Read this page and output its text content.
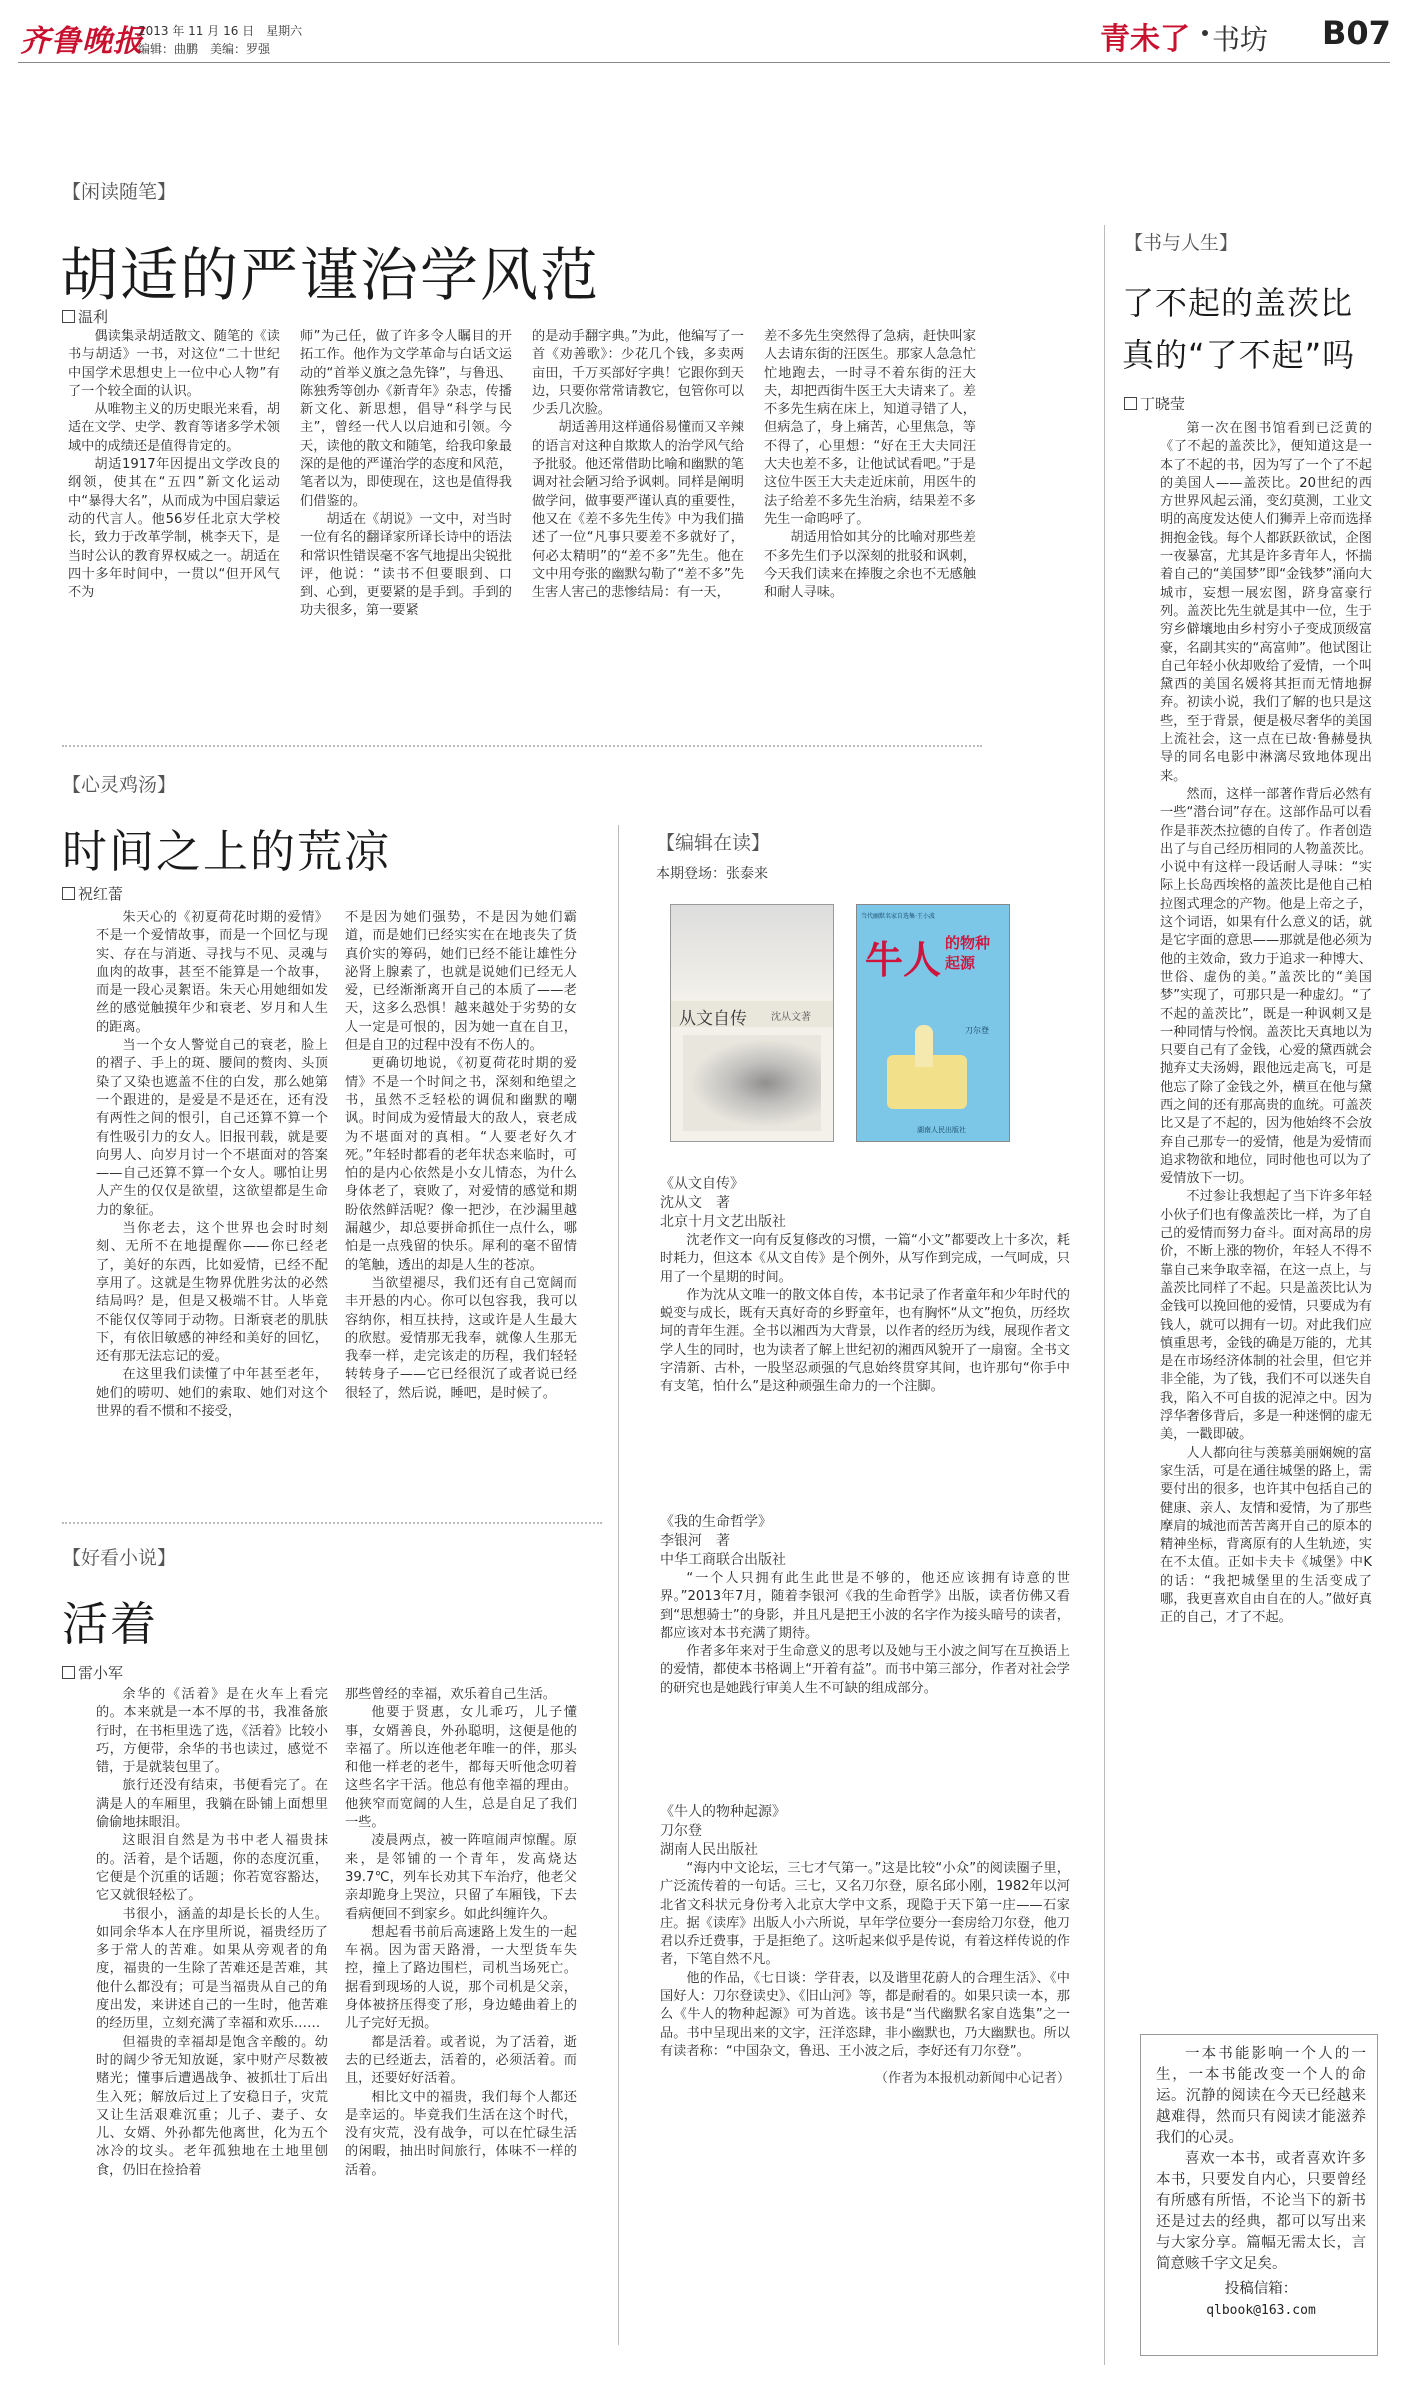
齐鲁晚报
2013 年 11 月 16 日　星期六
编辑：曲鹏　美编：罗强	青未了 书坊 B07
【闲读随笔】
胡适的严谨治学风范
温利

偶读集录胡适散文、随笔的《读书与胡适》一书，对这位“二十世纪中国学术思想史上一位中心人物”有了一个较全面的认识。

从唯物主义的历史眼光来看，胡适在文学、史学、教育等诸多学术领域中的成绩还是值得肯定的。

胡适1917年因提出文学改良的纲领，使其在“五四”新文化运动中“暴得大名”，从而成为中国启蒙运动的代言人。他56岁任北京大学校长，致力于改革学制，桃李天下，是当时公认的教育界权威之一。胡适在四十多年时间中，一贯以“但开风气不为

师”为己任，做了许多令人瞩目的开拓工作。他作为文学革命与白话文运动的“首举义旗之急先锋”，与鲁迅、陈独秀等创办《新青年》杂志，传播新文化、新思想，倡导“科学与民主”，曾经一代人以启迪和引领。今天，读他的散文和随笔，给我印象最深的是他的严谨治学的态度和风范，笔者以为，即使现在，这也是值得我们借鉴的。

胡适在《胡说》一文中，对当时一位有名的翻译家所译长诗中的语法和常识性错误毫不客气地提出尖锐批评，他说：“读书不但要眼到、口到、心到，更要紧的是手到。手到的功夫很多，第一要紧

的是动手翻字典。”为此，他编写了一首《劝善歌》：少花几个钱，多卖两亩田，千万买部好字典！它跟你到天边，只要你常常请教它，包管你可以少丢几次脸。

胡适善用这样通俗易懂而又辛辣的语言对这种自欺欺人的治学风气给予批驳。他还常借助比喻和幽默的笔调对社会陋习给予讽刺。同样是阐明做学问，做事要严谨认真的重要性，他又在《差不多先生传》中为我们描述了一位“凡事只要差不多就好了，何必太精明”的“差不多”先生。他在文中用夸张的幽默勾勒了“差不多”先生害人害己的悲惨结局：有一天，

差不多先生突然得了急病，赶快叫家人去请东街的汪医生。那家人急急忙忙地跑去，一时寻不着东街的汪大夫，却把西街牛医王大夫请来了。差不多先生病在床上，知道寻错了人，但病急了，身上痛苦，心里焦急，等不得了，心里想：“好在王大夫同汪大夫也差不多，让他试试看吧。”于是这位牛医王大夫走近床前，用医牛的法子给差不多先生治病，结果差不多先生一命呜呼了。

胡适用恰如其分的比喻对那些差不多先生们予以深刻的批驳和讽刺，今天我们读来在捧腹之余也不无感触和耐人寻味。

【心灵鸡汤】
时间之上的荒凉
祝红蕾

朱天心的《初夏荷花时期的爱情》不是一个爱情故事，而是一个回忆与现实、存在与消逝、寻找与不见、灵魂与血肉的故事，甚至不能算是一个故事，而是一段心灵絮语。朱天心用她细如发丝的感觉触摸年少和衰老、岁月和人生的距离。

当一个女人警觉自己的衰老，脸上的褶子、手上的斑、腰间的赘肉、头顶染了又染也遮盖不住的白发，那么她第一个跟进的，是爱是不是还在，还有没有两性之间的恨引，自己还算不算一个有性吸引力的女人。旧报刊载，就是要向男人、向岁月讨一个不堪面对的答案——自己还算不算一个女人。哪怕让男人产生的仅仅是欲望，这欲望都是生命力的象征。

当你老去，这个世界也会时时刻刻、无所不在地提醒你——你已经老了，美好的东西，比如爱情，已经不配享用了。这就是生物界优胜劣汰的必然结局吗？是，但是又极端不甘。人毕竟不能仅仅等同于动物。日渐衰老的肌肤下，有依旧敏感的神经和美好的回忆，还有那无法忘记的爱。

在这里我们读懂了中年甚至老年，她们的唠叨、她们的索取、她们对这个世界的看不惯和不接受，

不是因为她们强势，不是因为她们霸道，而是她们已经实实在在地丧失了货真价实的筹码，她们已经不能让雄性分泌肾上腺素了，也就是说她们已经无人爱，已经渐渐离开自己的本质了——老天，这多么恐惧！越来越处于劣势的女人一定是可恨的，因为她一直在自卫，但是自卫的过程中没有不伤人的。

更确切地说，《初夏荷花时期的爱情》不是一个时间之书，深刻和绝望之书，虽然不乏轻松的调侃和幽默的嘲讽。时间成为爱情最大的敌人，衰老成为不堪面对的真相。“人要老好久才死。”年轻时都看的老年状态来临时，可怕的是内心依然是小女儿情态，为什么身体老了，衰败了，对爱情的感觉和期盼依然鲜活呢？像一把沙，在沙漏里越漏越少，却总要拼命抓住一点什么，哪怕是一点残留的快乐。犀利的毫不留情的笔触，透出的却是人生的苍凉。

当欲望褪尽，我们还有自己宽阔而丰开悬的内心。你可以包容我，我可以容纳你，相互扶持，这或许是人生最大的欣慰。爱情那无我奉，就像人生那无我奉一样，走完该走的历程，我们轻轻转转身子——它已经很沉了或者说已经很轻了，然后说，睡吧，是时候了。

【好看小说】
活着
雷小军

余华的《活着》是在火车上看完的。本来就是一本不厚的书，我准备旅行时，在书柜里选了选，《活着》比较小巧，方便带，余华的书也读过，感觉不错，于是就装包里了。

旅行还没有结束，书便看完了。在满是人的车厢里，我躺在卧铺上面想里偷偷地抹眼泪。

这眼泪自然是为书中老人福贵抹的。活着，是个话题，你的态度沉重，它便是个沉重的话题；你若宽容豁达，它又就很轻松了。

书很小，涵盖的却是长长的人生。如同余华本人在序里所说，福贵经历了多于常人的苦难。如果从旁观者的角度，福贵的一生除了苦难还是苦难，其他什么都没有；可是当福贵从自己的角度出发，来讲述自己的一生时，他苦难的经历里，立刻充满了幸福和欢乐……

但福贵的幸福却是饱含辛酸的。幼时的阔少爷无知放诞，家中财产尽数被赌光；懂事后遭遇战争、被抓壮丁后出生入死；解放后过上了安稳日子，灾荒又让生活艰难沉重；儿子、妻子、女儿、女婿、外孙都先他离世，化为五个冰冷的坟头。老年孤独地在土地里刨食，仍旧在捡拾着

那些曾经的幸福，欢乐着自己生活。

他要于贤惠，女儿乖巧，儿子懂事，女婿善良，外孙聪明，这便是他的幸福了。所以连他老年唯一的伴，那头和他一样老的老牛，都每天听他念叨着这些名字干活。他总有他幸福的理由。他狭窄而宽阔的人生，总是自足了我们一些。

凌晨两点，被一阵喧闹声惊醒。原来，是邻铺的一个青年，发高烧达39.7℃，列车长劝其下车治疗，他老父亲却跪身上哭泣，只留了车厢钱，下去看病便回不到家乡。如此纠缠许久。

想起看书前后高速路上发生的一起车祸。因为雷天路滑，一大型货车失控，撞上了路边围栏，司机当场死亡。据看到现场的人说，那个司机是父亲，身体被挤压得变了形，身边蜷曲着上的儿子完好无损。

都是活着。或者说，为了活着，逝去的已经逝去，活着的，必须活着。而且，还要好好活着。

相比文中的福贵，我们每个人都还是幸运的。毕竟我们生活在这个时代，没有灾荒，没有战争，可以在忙碌生活的闲暇，抽出时间旅行，体味不一样的活着。

【编辑在读】
本期登场：张泰来
从文自传 沈从文著
当代幽默名家自选集·王小波
牛人 的物种起源
刀尔登
湖南人民出版社
《从文自传》
沈从文　著
北京十月文艺出版社

沈老作文一向有反复修改的习惯，一篇“小文”都要改上十多次，耗时耗力，但这本《从文自传》是个例外，从写作到完成，一气呵成，只用了一个星期的时间。

作为沈从文唯一的散文体自传，本书记录了作者童年和少年时代的蜕变与成长，既有天真好奇的乡野童年，也有胸怀“从文”抱负，历经坎坷的青年生涯。全书以湘西为大背景，以作者的经历为线，展现作者文学人生的同时，也为读者了解上世纪初的湘西风貌开了一扇窗。全书文字清新、古朴，一股坚忍顽强的气息始终贯穿其间，也许那句“你手中有支笔，怕什么”是这种顽强生命力的一个注脚。

《我的生命哲学》
李银河　著
中华工商联合出版社

“一个人只拥有此生此世是不够的，他还应该拥有诗意的世界。”2013年7月，随着李银河《我的生命哲学》出版，读者仿佛又看到“思想骑士”的身影，并且凡是把王小波的名字作为接头暗号的读者，都应该对本书充满了期待。

作者多年来对于生命意义的思考以及她与王小波之间写在互换语上的爱情，都使本书格调上“开着有益”。而书中第三部分，作者对社会学的研究也是她践行审美人生不可缺的组成部分。

《牛人的物种起源》
刀尔登
湖南人民出版社

“海内中文论坛，三七才气第一。”这是比较“小众”的阅读圈子里，广泛流传着的一句话。三七，又名刀尔登，原名邱小刚，1982年以河北省文科状元身份考入北京大学中文系，现隐于天下第一庄——石家庄。据《读库》出版人小六所说，早年学位要分一套房给刀尔登，他刀君以乔迁费事，于是拒绝了。这听起来似乎是传说，有着这样传说的作者，下笔自然不凡。

他的作品，《七日谈：学苷表，以及谐里花蔚人的合理生活》、《中国好人：刀尔登读史》、《旧山河》等，都是耐看的。如果只读一本，那么《牛人的物种起源》可为首选。该书是“当代幽默名家自选集”之一品。书中呈现出来的文字，汪洋恣肆，非小幽默也，乃大幽默也。所以有读者称：“中国杂文，鲁迅、王小波之后，李好还有刀尔登”。

（作者为本报机动新闻中心记者）
【书与人生】
了不起的盖茨比
真的“了不起”吗
丁晓莹

第一次在图书馆看到已泛黄的《了不起的盖茨比》，便知道这是一本了不起的书，因为写了一个了不起的美国人——盖茨比。20世纪的西方世界风起云涌，变幻莫测，工业文明的高度发达使人们狮弄上帝而选择拥抱金钱。每个人都跃跃欲试，企图一夜暴富，尤其是许多青年人，怀揣着自己的“美国梦”即“金钱梦”涌向大城市，妄想一展宏图，跻身富豪行列。盖茨比先生就是其中一位，生于穷乡僻壤地由乡村穷小子变成顶级富豪，名副其实的“高富帅”。他试图让自己年轻小伙却败给了爱情，一个叫黛西的美国名媛将其拒而无情地摒弃。初读小说，我们了解的也只是这些，至于背景，便是极尽奢华的美国上流社会，这一点在已故·鲁赫曼执导的同名电影中淋漓尽致地体现出来。

然而，这样一部著作背后必然有一些“潜台词”存在。这部作品可以看作是菲茨杰拉德的自传了。作者创造出了与自己经历相同的人物盖茨比。小说中有这样一段话耐人寻味：“实际上长岛西埃格的盖茨比是他自己柏拉图式理念的产物。他是上帝之子，这个词语，如果有什么意义的话，就是它字面的意思——那就是他必须为他的主效命，致力于追求一种博大、世俗、虚伪的美。”盖茨比的“美国梦”实现了，可那只是一种虚幻。“了不起的盖茨比”，既是一种讽刺又是一种同情与怜悯。盖茨比天真地以为只要自己有了金钱，心爱的黛西就会抛弃丈夫汤姆，跟他远走高飞，可是他忘了除了金钱之外，横亘在他与黛西之间的还有那高贵的血统。可盖茨比又是了不起的，因为他始终不会放弃自己那专一的爱情，他是为爱情而追求物欲和地位，同时他也可以为了爱情放下一切。

不过参让我想起了当下许多年轻小伙子们也有像盖茨比一样，为了自己的爱情而努力奋斗。面对高昂的房价，不断上涨的物价，年轻人不得不靠自己来争取幸福，在这一点上，与盖茨比同样了不起。只是盖茨比认为金钱可以挽回他的爱情，只要成为有钱人，就可以拥有一切。对此我们应慎重思考，金钱的确是万能的，尤其是在市场经济体制的社会里，但它并非全能，为了钱，我们不可以迷失自我，陷入不可自拔的泥淖之中。因为浮华奢侈背后，多是一种迷惘的虚无美，一戳即破。

人人都向往与羡慕美丽娴婉的富家生活，可是在通往城堡的路上，需要付出的很多，也许其中包括自己的健康、亲人、友情和爱情，为了那些摩肩的城池而苦苦离开自己的原本的精神坐标，背离原有的人生轨迹，实在不太值。正如卡夫卡《城堡》中K的话：“我把城堡里的生活变成了哪，我更喜欢自由自在的人。”做好真正的自己，才了不起。

一本书能影响一个人的一生，一本书能改变一个人的命运。沉静的阅读在今天已经越来越难得，然而只有阅读才能滋养我们的心灵。

喜欢一本书，或者喜欢许多本书，只要发自内心，只要曾经有所感有所悟，不论当下的新书还是过去的经典，都可以写出来与大家分享。篇幅无需太长，言简意赅千字文足矣。

投稿信箱：
qlbook@163.com
